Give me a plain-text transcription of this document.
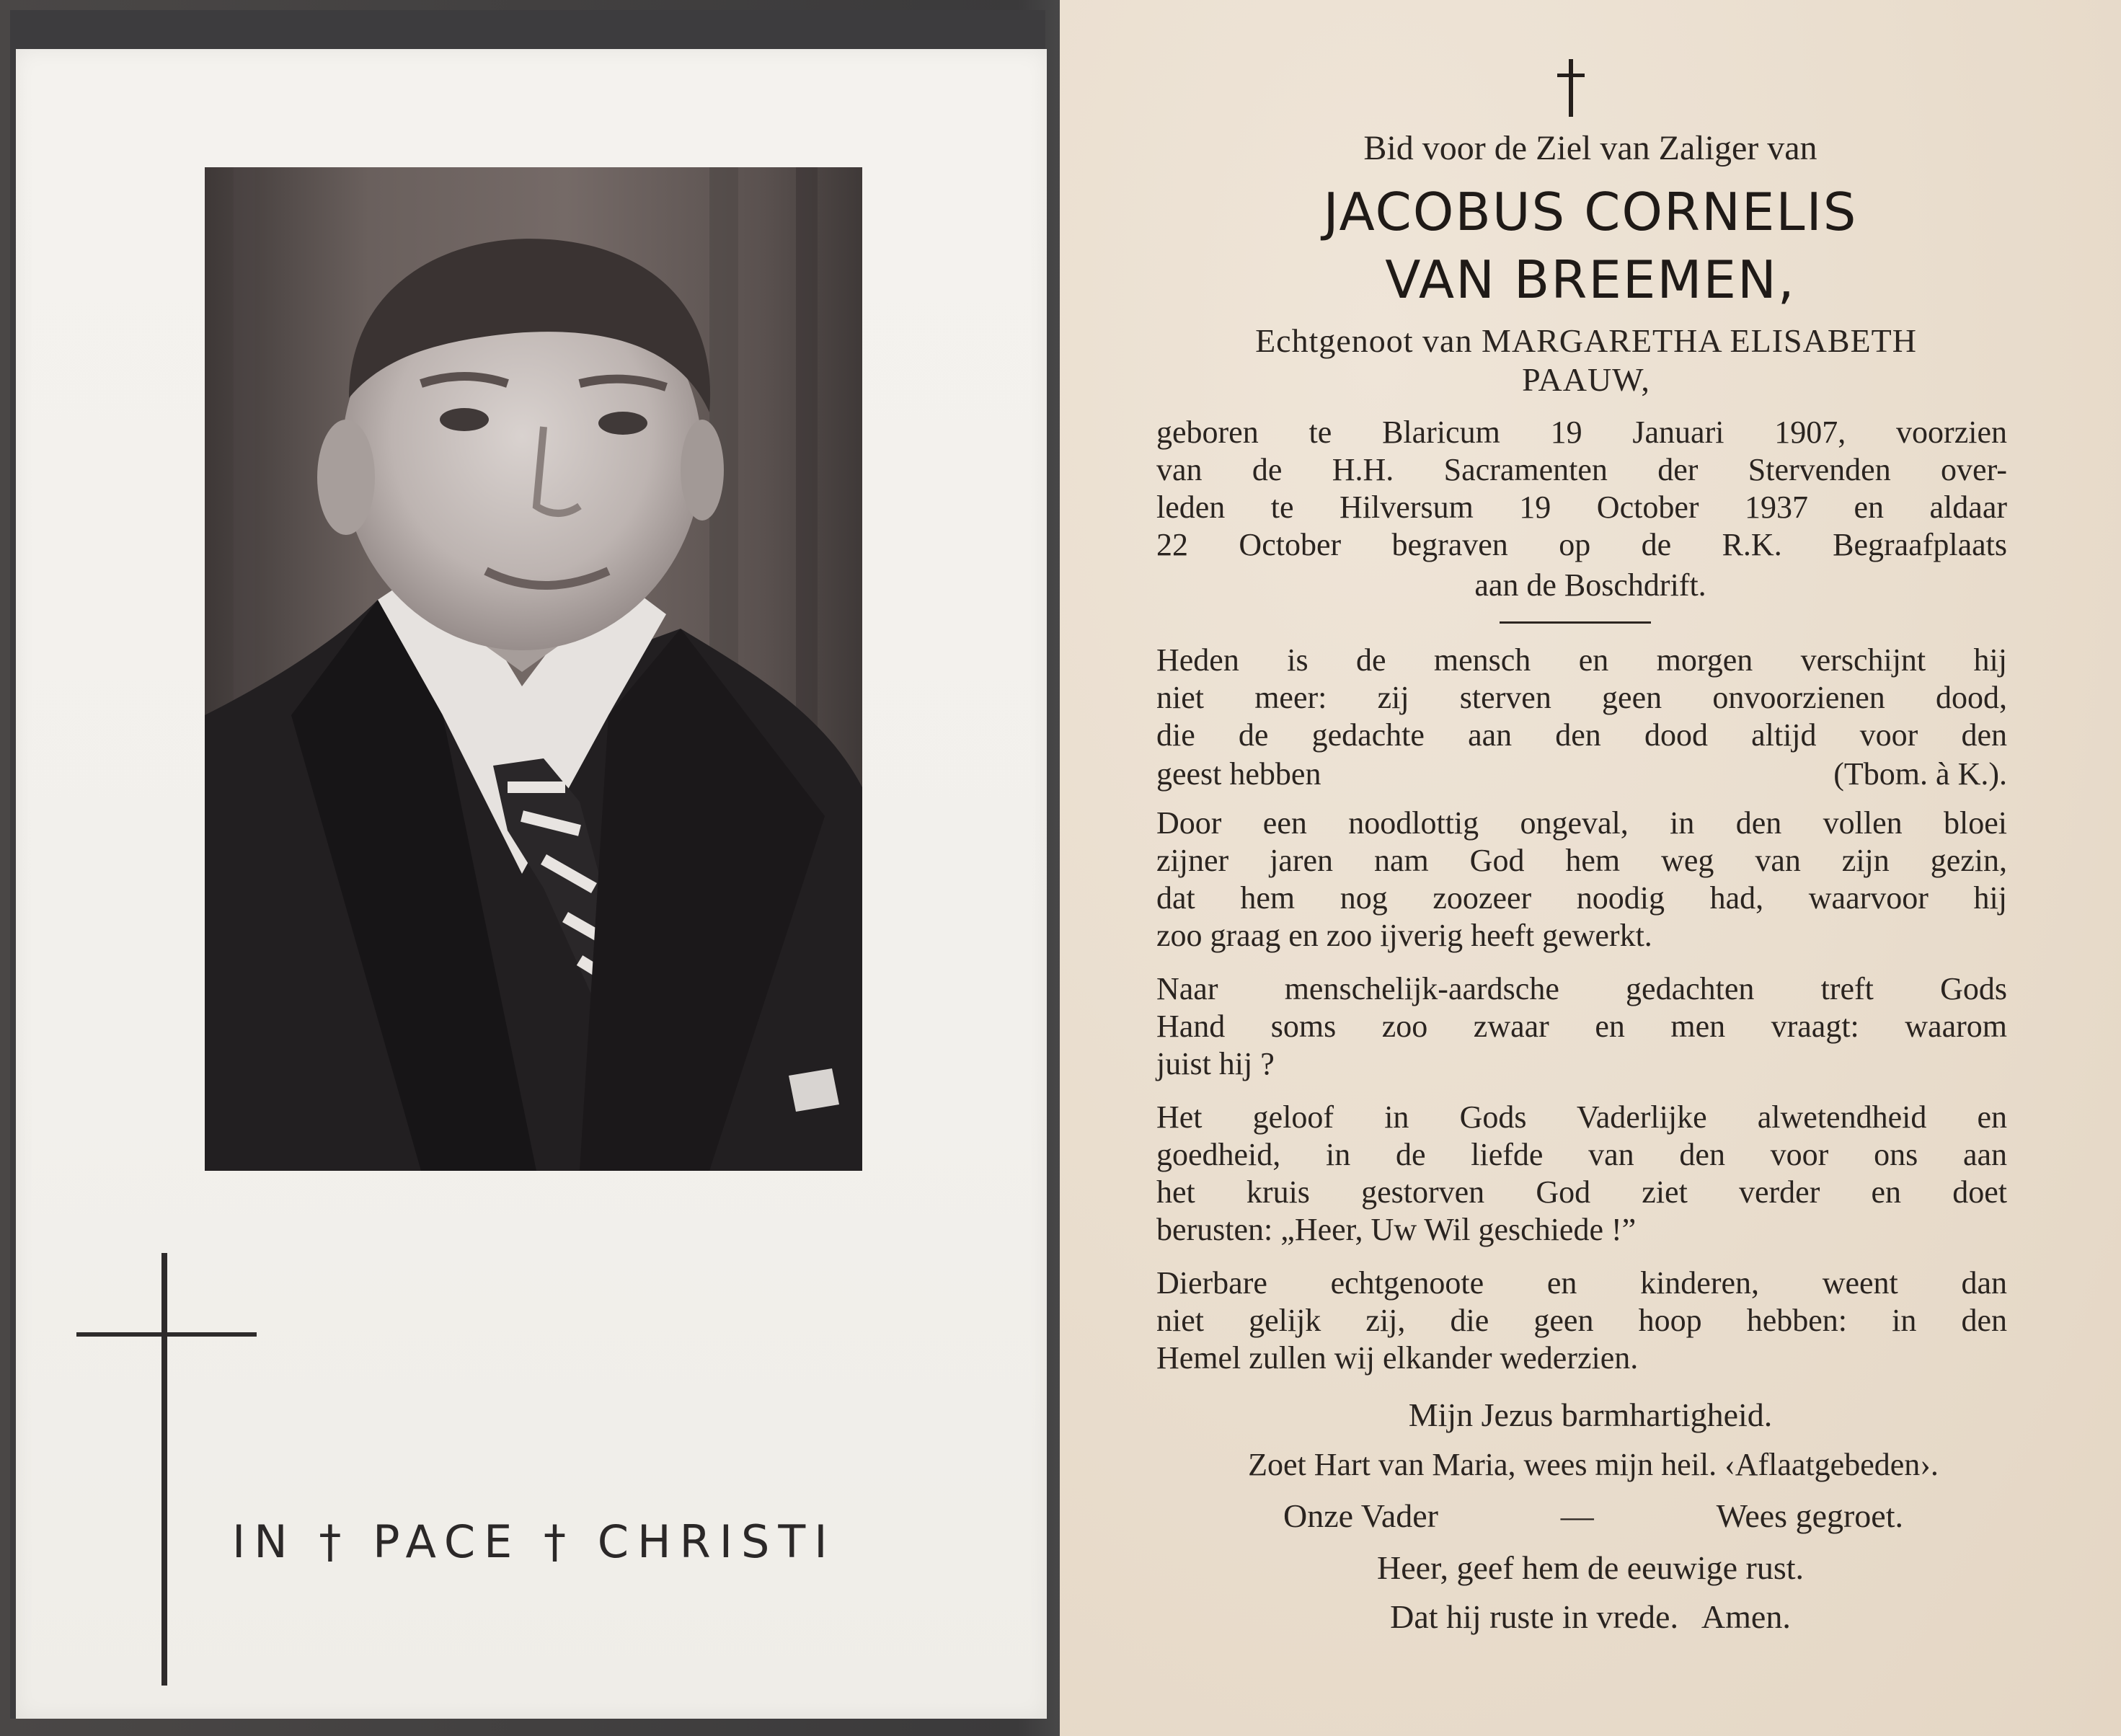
IN † PACE † CHRISTI
Bid voor de Ziel van Zaliger van
JACOBUS CORNELIS
VAN BREEMEN,
Echtgenoot van MARGARETHA ELISABETH
PAAUW,
geboren te Blaricum 19 Januari 1907, voorzien
van de H.H. Sacramenten der Stervenden over-
leden te Hilversum 19 October 1937 en aldaar
22 October begraven op de R.K. Begraafplaats
aan de Boschdrift.
Heden is de mensch en morgen verschijnt hij
niet meer: zij sterven geen onvoorzienen dood,
die de gedachte aan den dood altijd voor den
geest hebben	(Tbom. à K.).
Door een noodlottig ongeval, in den vollen bloei
zijner jaren nam God hem weg van zijn gezin,
dat hem nog zoozeer noodig had, waarvoor hij
zoo graag en zoo ijverig heeft gewerkt.
Naar menschelijk-aardsche gedachten treft Gods
Hand soms zoo zwaar en men vraagt: waarom
juist hij ?
Het geloof in Gods Vaderlijke alwetendheid en
goedheid, in de liefde van den voor ons aan
het kruis gestorven God ziet verder en doet
berusten: „Heer, Uw Wil geschiede !”
Dierbare echtgenoote en kinderen, weent dan
niet gelijk zij, die geen hoop hebben: in den
Hemel zullen wij elkander wederzien.
Mijn Jezus barmhartigheid.
Zoet Hart van Maria, wees mijn heil. ‹Aflaatgebeden›.
Onze Vader	—	Wees gegroet.
Heer, geef hem de eeuwige rust.
Dat hij ruste in vrede.   Amen.
